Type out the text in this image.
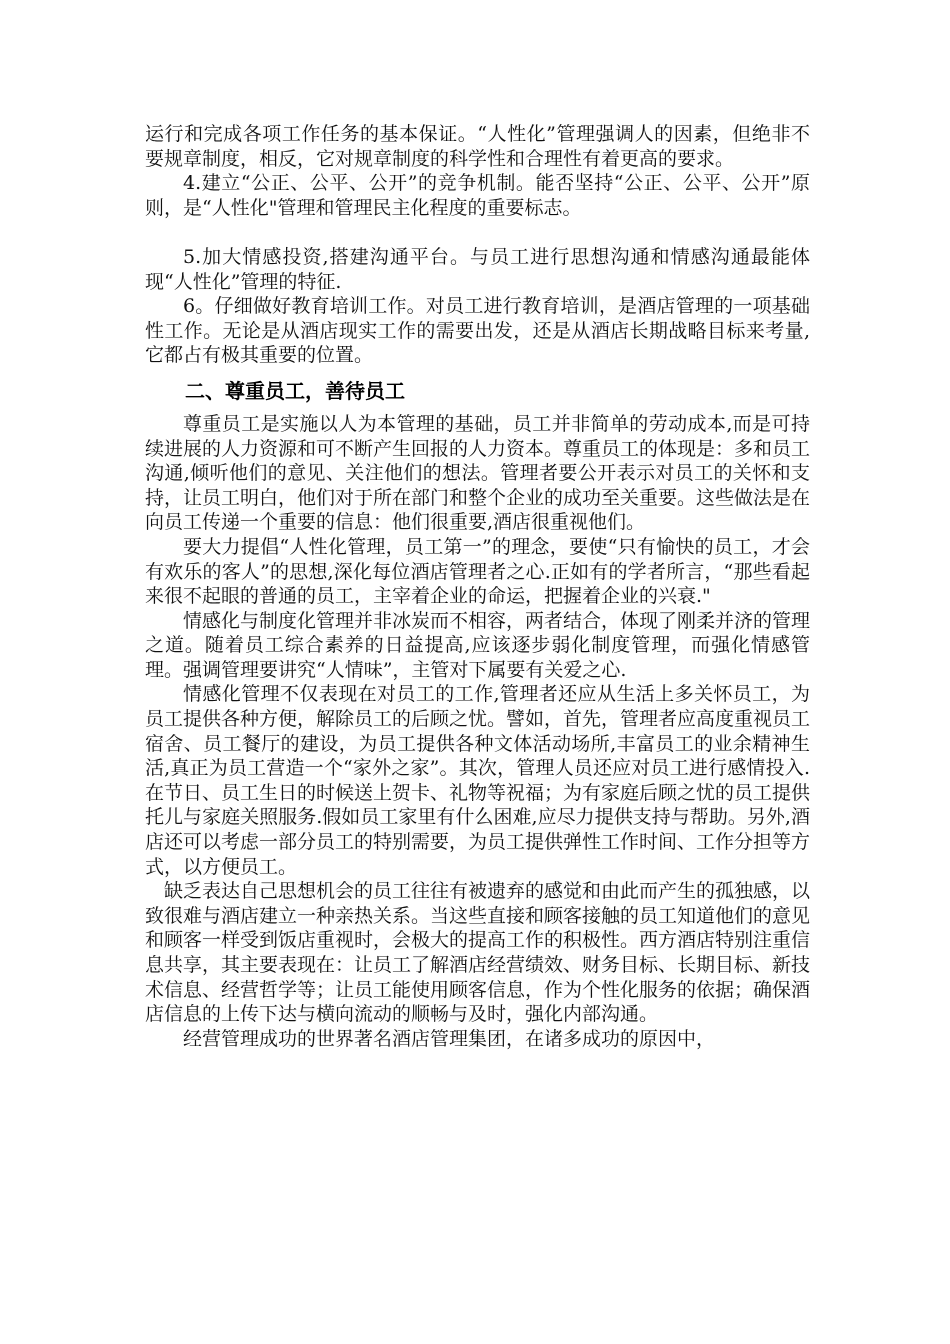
运行和完成各项工作任务的基本保证。“人性化”管理强调人的因素，但绝非不要规章制度，相反，它对规章制度的科学性和合理性有着更高的要求。

4.建立“公正、公平、公开”的竞争机制。能否坚持“公正、公平、公开”原则，是“人性化"管理和管理民主化程度的重要标志。

5.加大情感投资,搭建沟通平台。与员工进行思想沟通和情感沟通最能体现“人性化”管理的特征.

6。仔细做好教育培训工作。对员工进行教育培训，是酒店管理的一项基础性工作。无论是从酒店现实工作的需要出发，还是从酒店长期战略目标来考量,它都占有极其重要的位置。

二、尊重员工，善待员工

尊重员工是实施以人为本管理的基础，员工并非简单的劳动成本,而是可持续进展的人力资源和可不断产生回报的人力资本。尊重员工的体现是：多和员工沟通,倾听他们的意见、关注他们的想法。管理者要公开表示对员工的关怀和支持，让员工明白，他们对于所在部门和整个企业的成功至关重要。这些做法是在向员工传递一个重要的信息：他们很重要,酒店很重视他们。

要大力提倡“人性化管理，员工第一”的理念，要使“只有愉快的员工，才会有欢乐的客人”的思想,深化每位酒店管理者之心.正如有的学者所言，“那些看起来很不起眼的普通的员工，主宰着企业的命运，把握着企业的兴衰."

情感化与制度化管理并非冰炭而不相容，两者结合，体现了刚柔并济的管理之道。随着员工综合素养的日益提高,应该逐步弱化制度管理，而强化情感管理。强调管理要讲究“人情味”，主管对下属要有关爱之心.

情感化管理不仅表现在对员工的工作,管理者还应从生活上多关怀员工，为员工提供各种方便，解除员工的后顾之忧。譬如，首先，管理者应高度重视员工宿舍、员工餐厅的建设，为员工提供各种文体活动场所,丰富员工的业余精神生活,真正为员工营造一个“家外之家”。其次，管理人员还应对员工进行感情投入.在节日、员工生日的时候送上贺卡、礼物等祝福；为有家庭后顾之忧的员工提供托儿与家庭关照服务.假如员工家里有什么困难,应尽力提供支持与帮助。另外,酒店还可以考虑一部分员工的特别需要，为员工提供弹性工作时间、工作分担等方式，以方便员工。

缺乏表达自己思想机会的员工往往有被遗弃的感觉和由此而产生的孤独感，以致很难与酒店建立一种亲热关系。当这些直接和顾客接触的员工知道他们的意见和顾客一样受到饭店重视时，会极大的提高工作的积极性。西方酒店特别注重信息共享，其主要表现在：让员工了解酒店经营绩效、财务目标、长期目标、新技术信息、经营哲学等；让员工能使用顾客信息，作为个性化服务的依据；确保酒店信息的上传下达与横向流动的顺畅与及时，强化内部沟通。

经营管理成功的世界著名酒店管理集团，在诸多成功的原因中，
